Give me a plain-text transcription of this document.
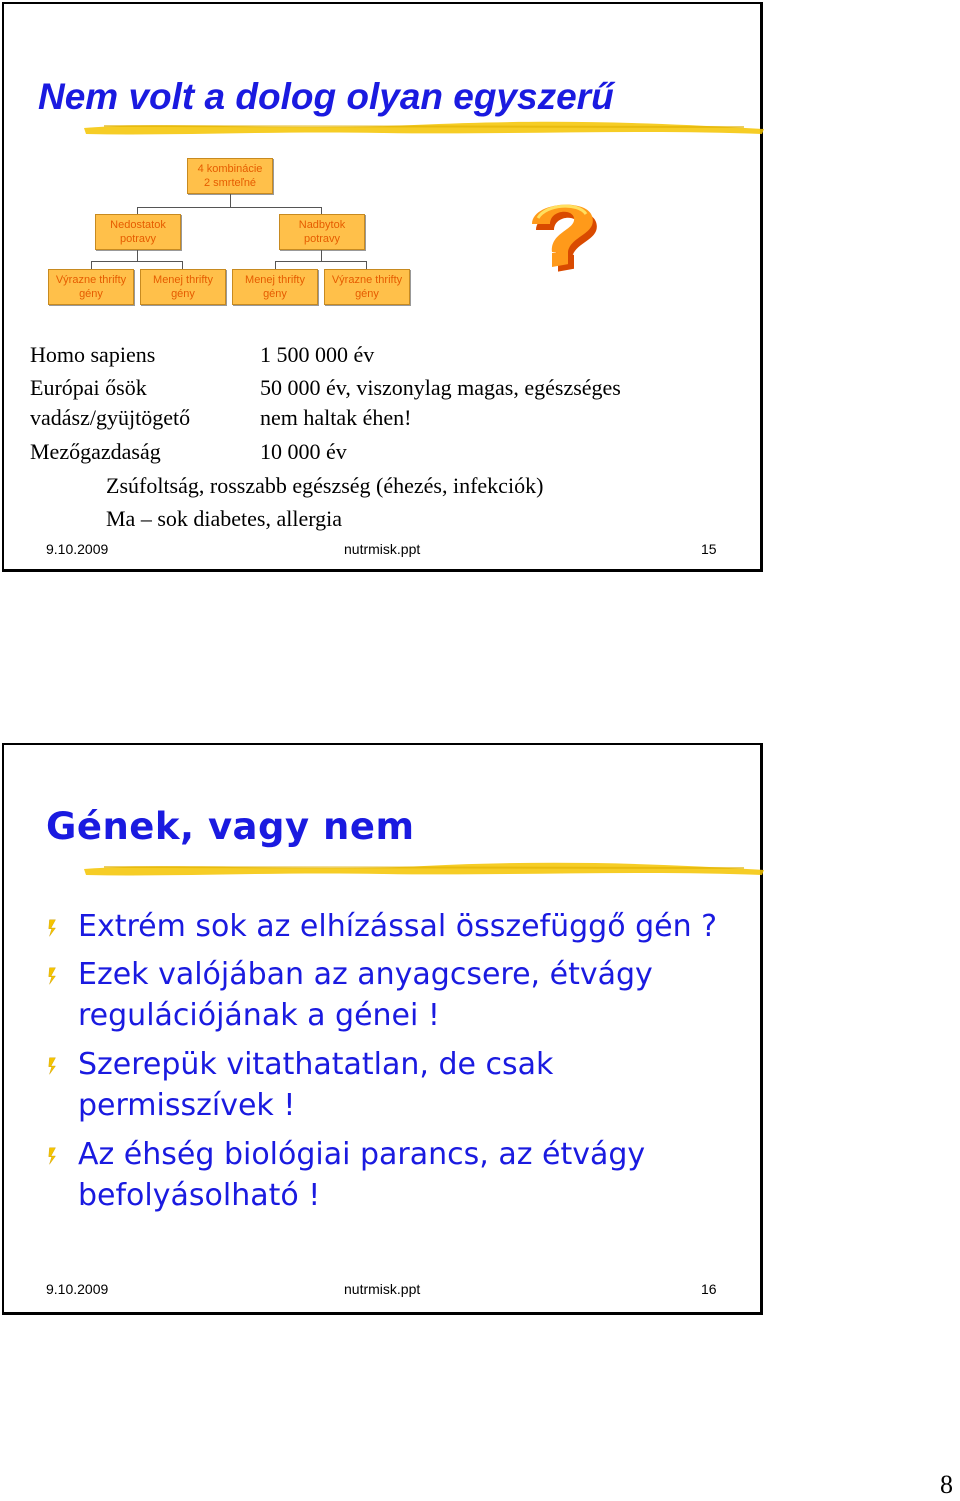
Nem volt a dolog olyan egyszerű
4 kombinácie
2 smrteľné
Nedostatok
potravy
Nadbytok
potravy
Výrazne thrifty
gény
Menej thrifty
gény
Menej thrifty
gény
Výrazne thrifty
gény
Homo sapiens	1 500 000 év
Európai ősök	50 000 év, viszonylag magas, egészséges
vadász/gyüjtögető	nem haltak éhen!
Mezőgazdaság	10 000 év
Zsúfoltság, rosszabb egészség (éhezés, infekciók)
Ma – sok diabetes, allergia
9.10.2009	nutrmisk.ppt	15
Gének, vagy nem
Extrém sok az elhízással összefüggő gén ?
Ezek valójában az anyagcsere, étvágy
regulációjának a génei !
Szerepük vitathatatlan, de csak
permisszívek !
Az éhség biológiai parancs, az étvágy
befolyásolható !
9.10.2009	nutrmisk.ppt	16
8
